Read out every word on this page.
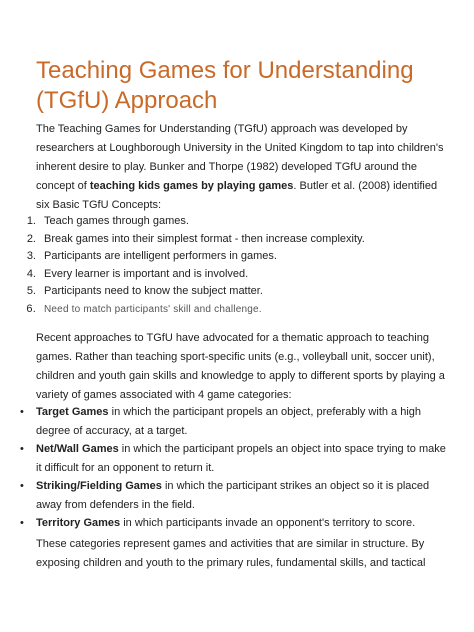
Teaching Games for Understanding (TGfU) Approach

The Teaching Games for Understanding (TGfU) approach was developed by researchers at Loughborough University in the United Kingdom to tap into children's inherent desire to play. Bunker and Thorpe (1982) developed TGfU around the concept of teaching kids games by playing games. Butler et al. (2008) identified six Basic TGfU Concepts:

1. Teach games through games.
2. Break games into their simplest format - then increase complexity.
3. Participants are intelligent performers in games.
4. Every learner is important and is involved.
5. Participants need to know the subject matter.
6. Need to match participants' skill and challenge.

Recent approaches to TGfU have advocated for a thematic approach to teaching games. Rather than teaching sport-specific units (e.g., volleyball unit, soccer unit), children and youth gain skills and knowledge to apply to different sports by playing a variety of games associated with 4 game categories:

•	Target Games in which the participant propels an object, preferably with a high degree of accuracy, at a target.
•	Net/Wall Games in which the participant propels an object into space trying to make it difficult for an opponent to return it.
•	Striking/Fielding Games in which the participant strikes an object so it is placed away from defenders in the field.
•	Territory Games in which participants invade an opponent's territory to score.

These categories represent games and activities that are similar in structure. By exposing children and youth to the primary rules, fundamental skills, and tactical
